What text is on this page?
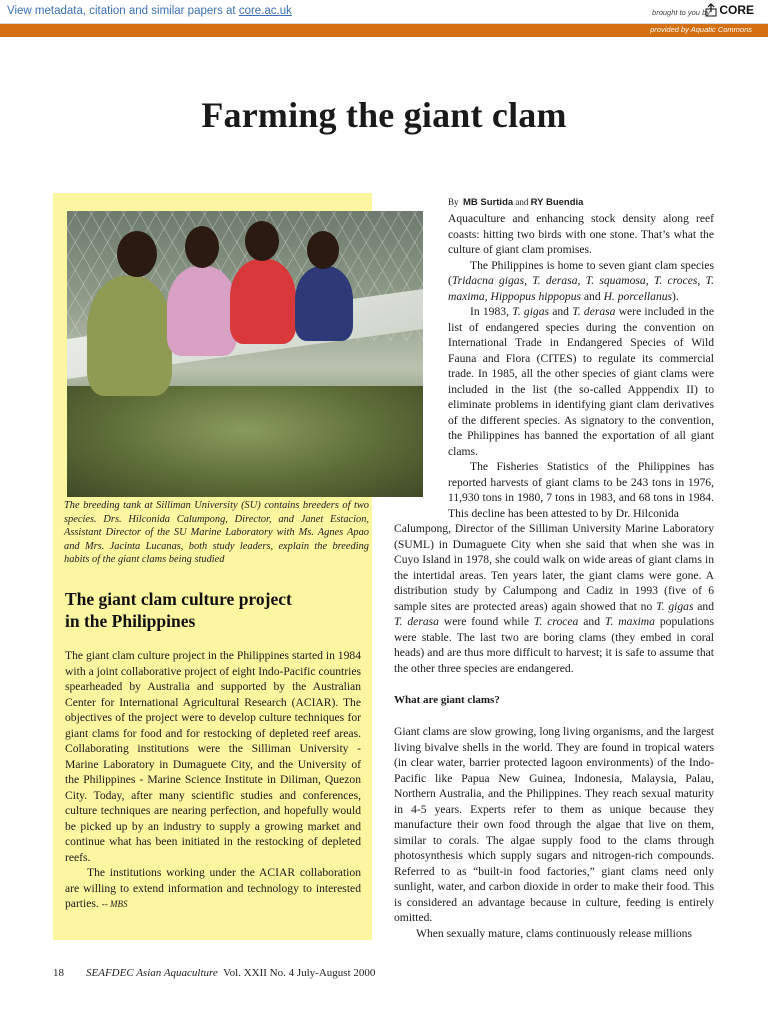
View metadata, citation and similar papers at core.ac.uk	brought to you by CORE
provided by Aquatic Commons
Farming the giant clam

The breeding tank at Silliman University (SU) contains breeders of two species. Drs. Hilconida Calumpong, Director, and Janet Estacion, Assistant Director of the SU Marine Laboratory with Ms. Agnes Apao and Mrs. Jacinta Lucanas, both study leaders, explain the breeding habits of the giant clams being studied

The giant clam culture project
in the Philippines

The giant clam culture project in the Philippines started in 1984 with a joint collaborative project of eight Indo-Pacific countries spearheaded by Australia and supported by the Australian Center for International Agricultural Research (ACIAR). The objectives of the project were to develop culture techniques for giant clams for food and for restocking of depleted reef areas. Collaborating institutions were the Silliman University - Marine Laboratory in Dumaguete City, and the University of the Philippines - Marine Science Institute in Diliman, Quezon City. Today, after many scientific studies and conferences, culture techniques are nearing perfection, and hopefully would be picked up by an industry to supply a growing market and continue what has been initiated in the restocking of depleted reefs.

The institutions working under the ACIAR collaboration are willing to extend information and technology to interested parties. -- MBS

By MB Surtida and RY Buendia

Aquaculture and enhancing stock density along reef coasts: hitting two birds with one stone. That’s what the culture of giant clam promises.

The Philippines is home to seven giant clam species (Tridacna gigas, T. derasa, T. squamosa, T. croces, T. maxima, Hippopus hippopus and H. porcellanus).

In 1983, T. gigas and T. derasa were included in the list of endangered species during the convention on International Trade in Endangered Species of Wild Fauna and Flora (CITES) to regulate its commercial trade. In 1985, all the other species of giant clams were included in the list (the so-called Apppendix II) to eliminate problems in identifying giant clam derivatives of the different species. As signatory to the convention, the Philippines has banned the exportation of all giant clams.

The Fisheries Statistics of the Philippines has reported harvests of giant clams to be 243 tons in 1976, 11,930 tons in 1980, 7 tons in 1983, and 68 tons in 1984. This decline has been attested to by Dr. Hilconida

Calumpong, Director of the Silliman University Marine Laboratory (SUML) in Dumaguete City when she said that when she was in Cuyo Island in 1978, she could walk on wide areas of giant clams in the intertidal areas. Ten years later, the giant clams were gone. A distribution study by Calumpong and Cadiz in 1993 (five of 6 sample sites are protected areas) again showed that no T. gigas and T. derasa were found while T. crocea and T. maxima populations were stable. The last two are boring clams (they embed in coral heads) and are thus more difficult to harvest; it is safe to assume that the other three species are endangered.

What are giant clams?

Giant clams are slow growing, long living organisms, and the largest living bivalve shells in the world. They are found in tropical waters (in clear water, barrier protected lagoon environments) of the Indo-Pacific like Papua New Guinea, Indonesia, Malaysia, Palau, Northern Australia, and the Philippines. They reach sexual maturity in 4-5 years. Experts refer to them as unique because they manufacture their own food through the algae that live on them, similar to corals. The algae supply food to the clams through photosynthesis which supply sugars and nitrogen-rich compounds. Referred to as “built-in food factories,” giant clams need only sunlight, water, and carbon dioxide in order to make their food. This is considered an advantage because in culture, feeding is entirely omitted.

When sexually mature, clams continuously release millions

18 SEAFDEC Asian Aquaculture Vol. XXII No. 4 July-August 2000
